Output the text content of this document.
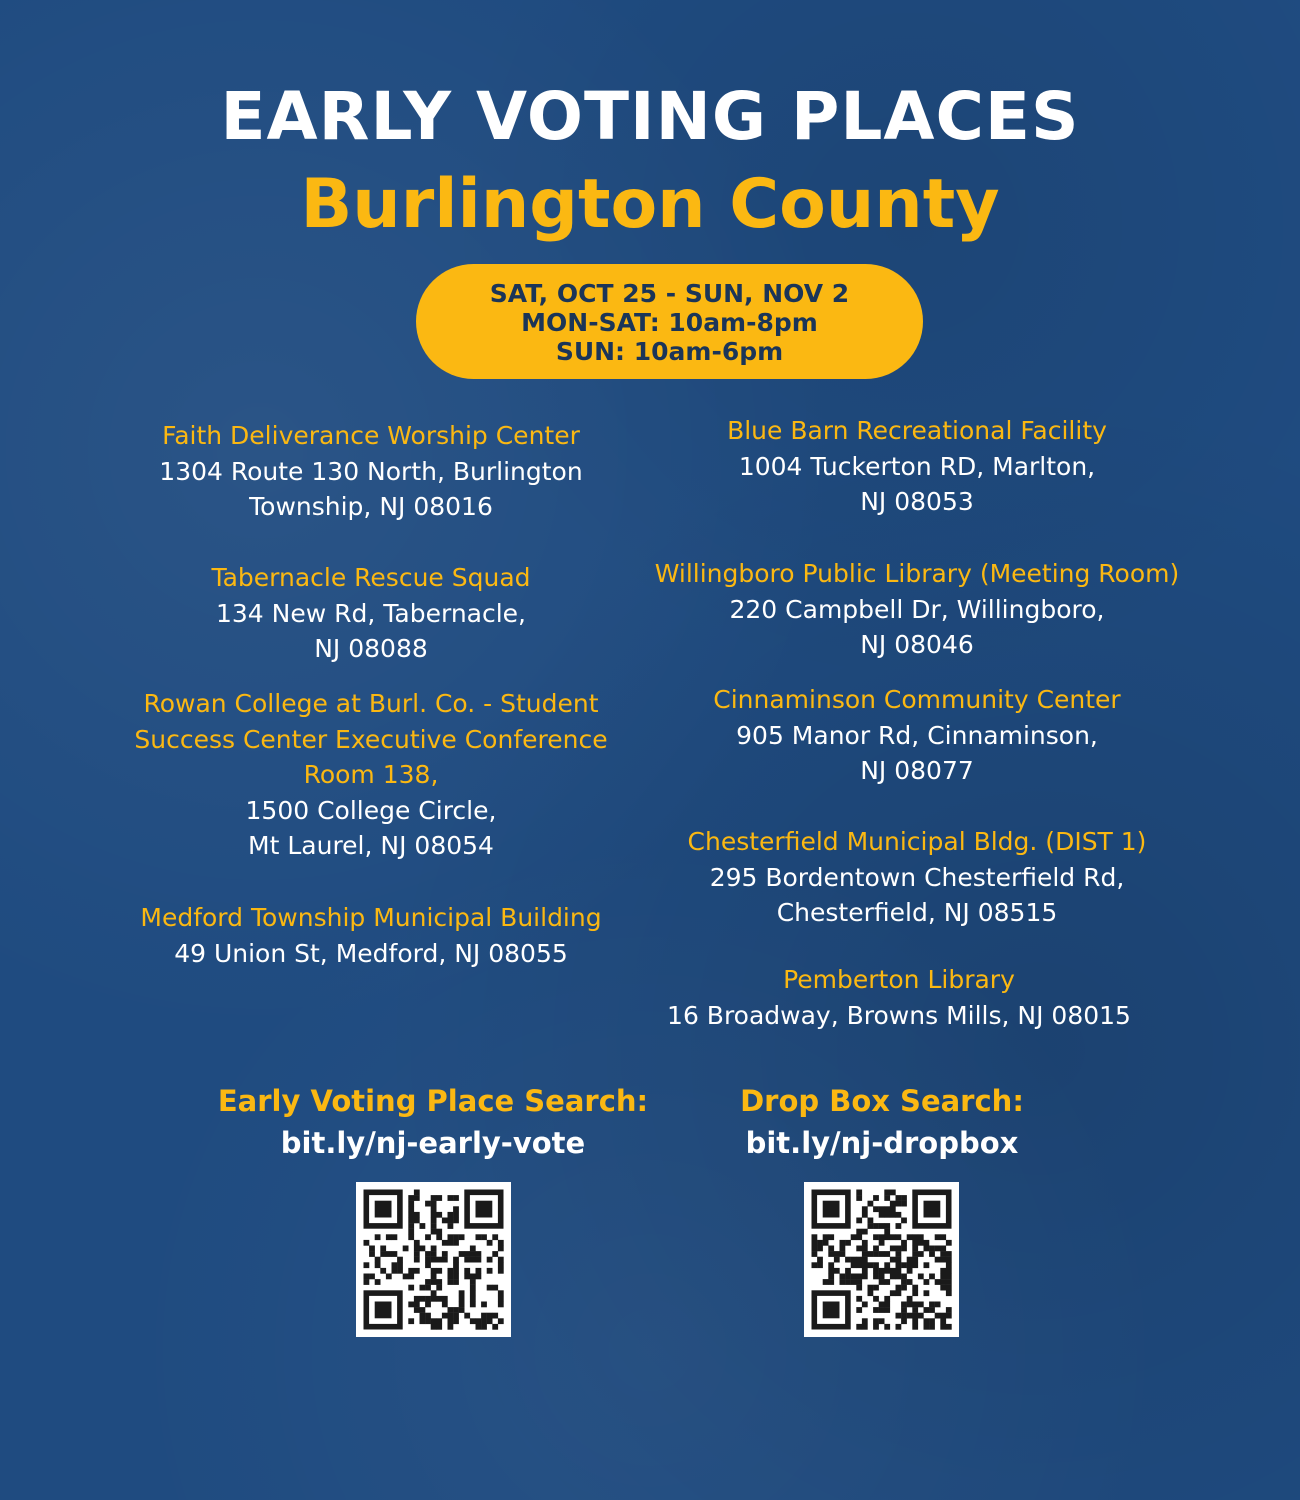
EARLY VOTING PLACES
Burlington County
SAT, OCT 25 - SUN, NOV 2
MON-SAT: 10am-8pm
SUN: 10am-6pm
Faith Deliverance Worship Center
1304 Route 130 North, Burlington
Township, NJ 08016
Tabernacle Rescue Squad
134 New Rd, Tabernacle,
NJ 08088
Rowan College at Burl. Co. - Student
Success Center Executive Conference
Room 138,
1500 College Circle,
Mt Laurel, NJ 08054
Medford Township Municipal Building
49 Union St, Medford, NJ 08055
Blue Barn Recreational Facility
1004 Tuckerton RD, Marlton,
NJ 08053
Willingboro Public Library (Meeting Room)
220 Campbell Dr, Willingboro,
NJ 08046
Cinnaminson Community Center
905 Manor Rd, Cinnaminson,
NJ 08077
Chesterfield Municipal Bldg. (DIST 1)
295 Bordentown Chesterfield Rd,
Chesterfield, NJ 08515
Pemberton Library
16 Broadway, Browns Mills, NJ 08015
Early Voting Place Search:
bit.ly/nj-early-vote
Drop Box Search:
bit.ly/nj-dropbox
